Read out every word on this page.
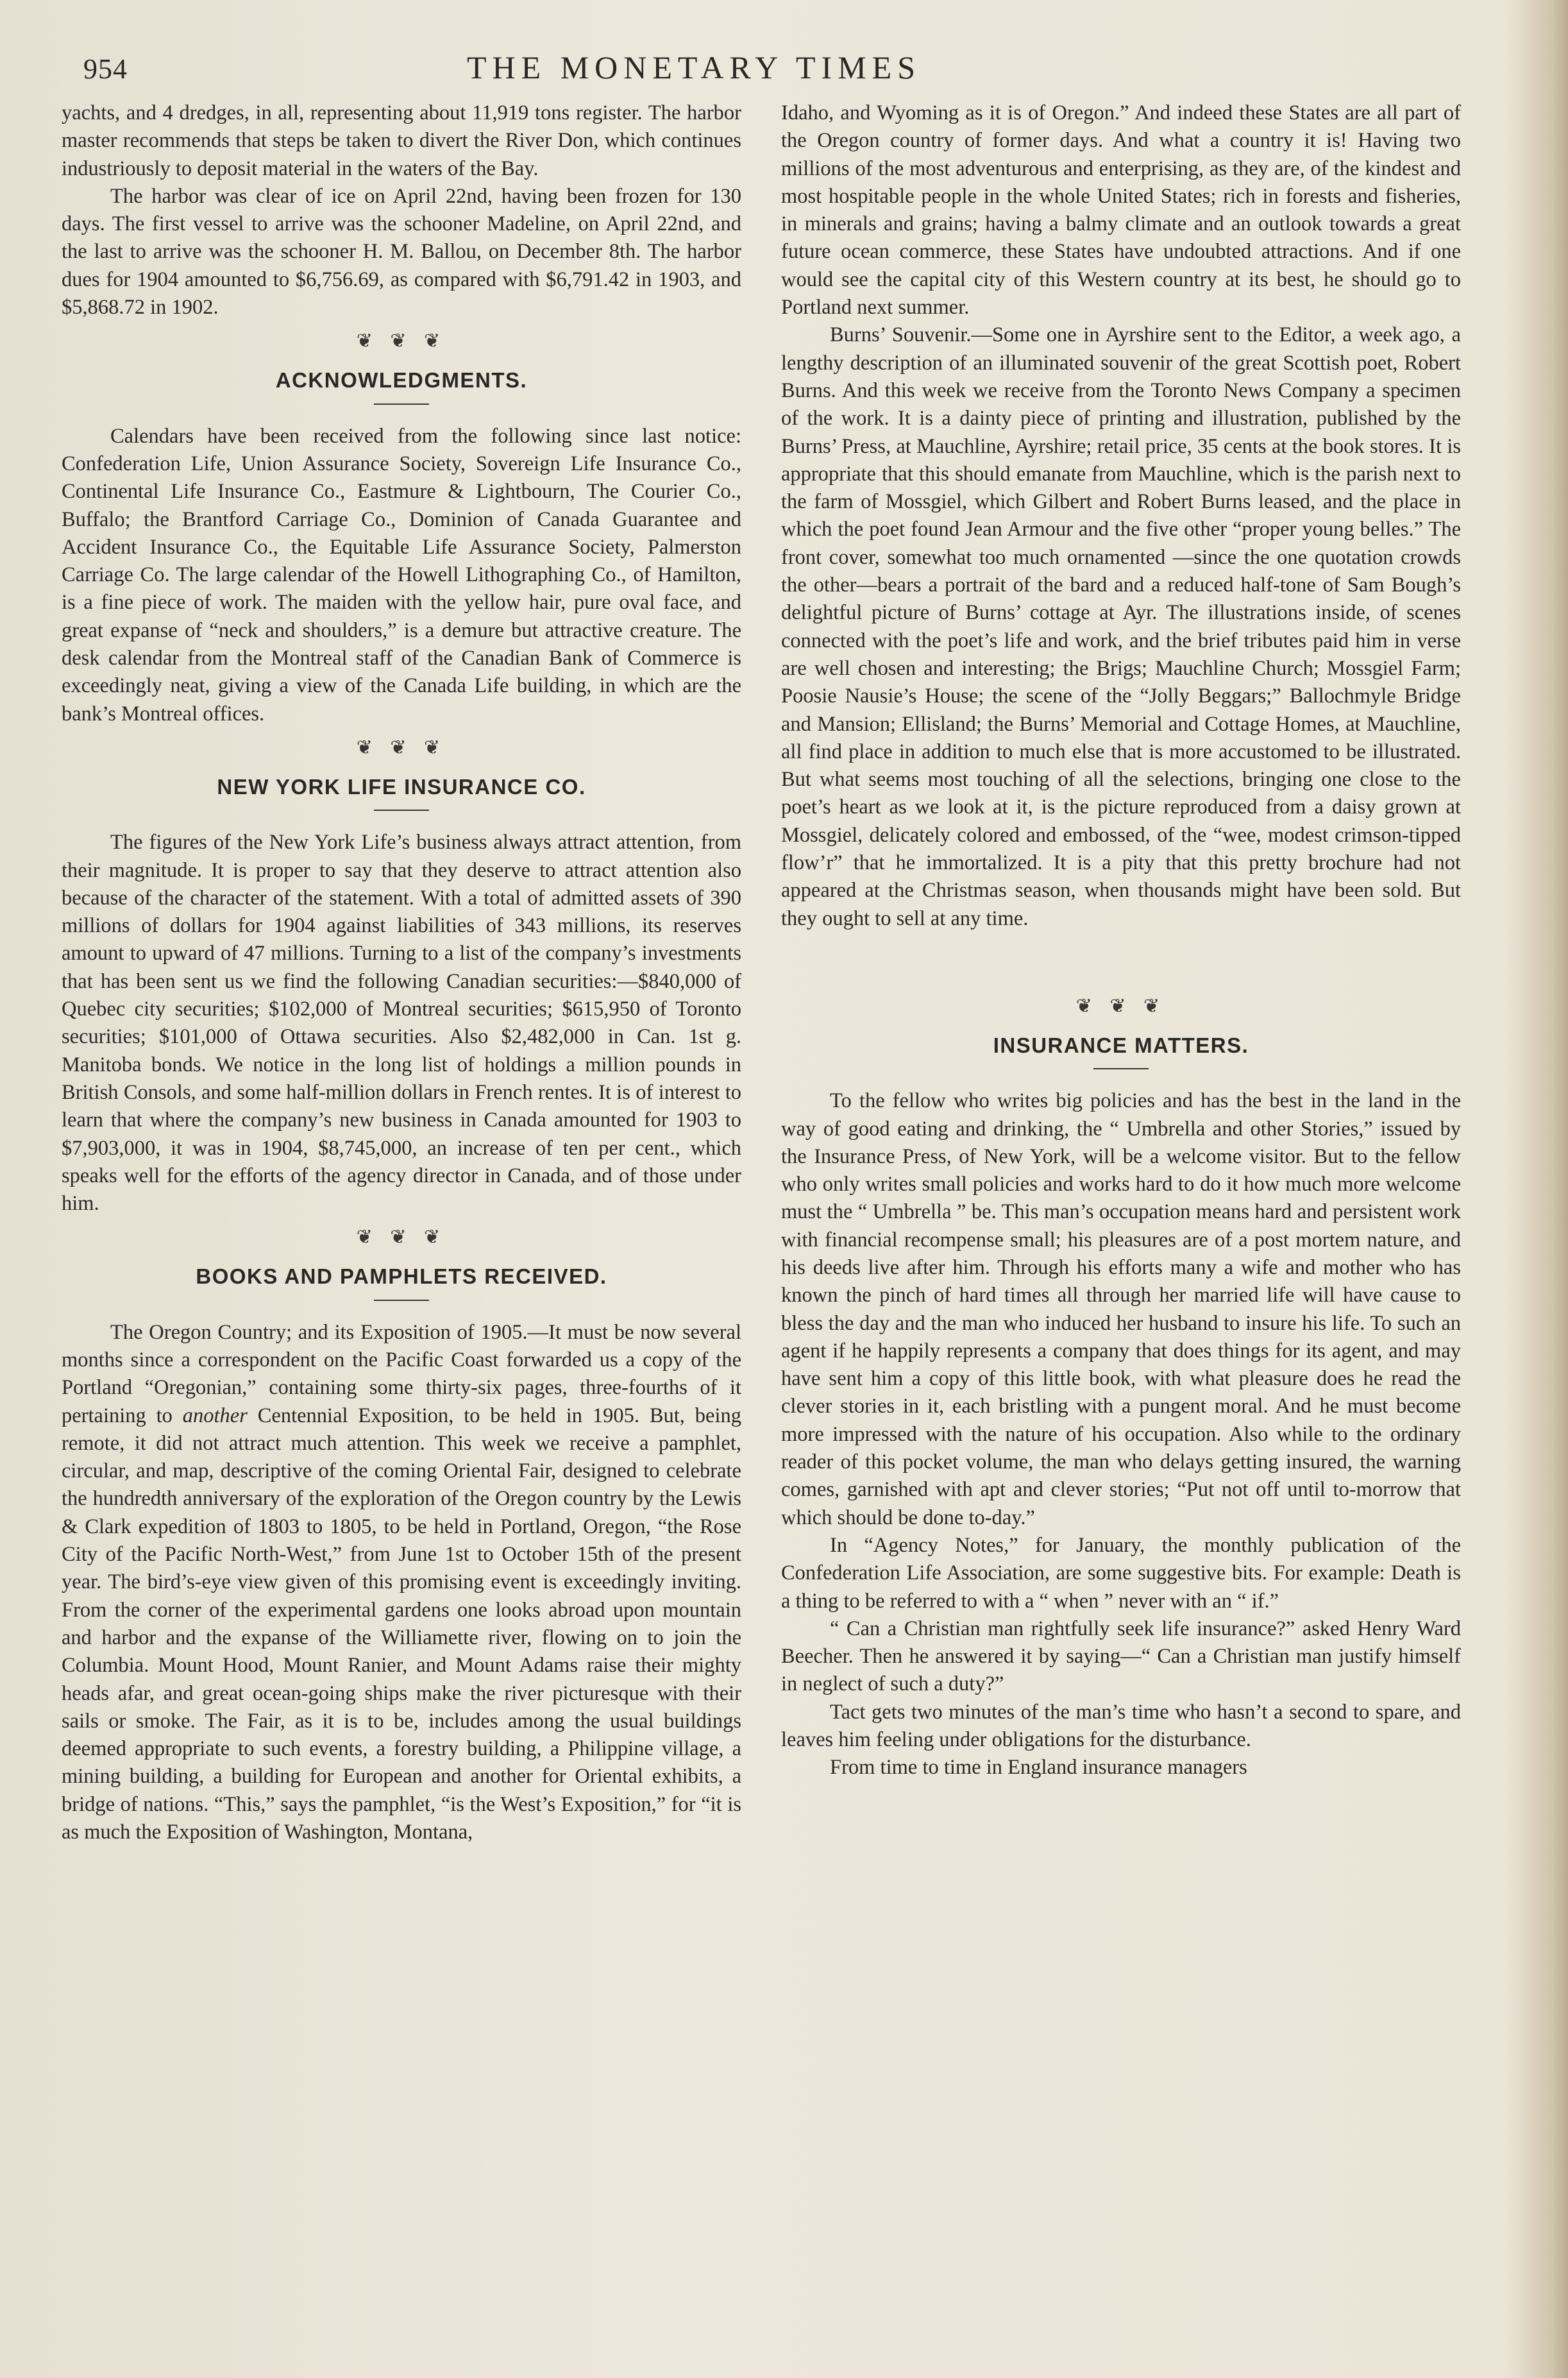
954	THE MONETARY TIMES

yachts, and 4 dredges, in all, representing about 11,919 tons register. The harbor master recommends that steps be taken to divert the River Don, which continues industriously to deposit material in the waters of the Bay.

The harbor was clear of ice on April 22nd, having been frozen for 130 days. The first vessel to arrive was the schooner Madeline, on April 22nd, and the last to arrive was the schooner H. M. Ballou, on December 8th. The harbor dues for 1904 amounted to $6,756.69, as compared with $6,791.42 in 1903, and $5,868.72 in 1902.

❦ ❦ ❦
ACKNOWLEDGMENTS.

Calendars have been received from the following since last notice: Confederation Life, Union Assurance Society, Sovereign Life Insurance Co., Continental Life Insurance Co., Eastmure & Lightbourn, The Courier Co., Buffalo; the Brantford Carriage Co., Dominion of Canada Guarantee and Accident Insurance Co., the Equitable Life Assurance Society, Palmerston Carriage Co. The large calendar of the Howell Lithographing Co., of Hamilton, is a fine piece of work. The maiden with the yellow hair, pure oval face, and great expanse of “neck and shoulders,” is a demure but attractive creature. The desk calendar from the Montreal staff of the Canadian Bank of Commerce is exceedingly neat, giving a view of the Canada Life building, in which are the bank’s Montreal offices.

❦ ❦ ❦
NEW YORK LIFE INSURANCE CO.

The figures of the New York Life’s business always attract attention, from their magnitude. It is proper to say that they deserve to attract attention also because of the character of the statement. With a total of admitted assets of 390 millions of dollars for 1904 against liabilities of 343 millions, its reserves amount to upward of 47 millions. Turning to a list of the company’s investments that has been sent us we find the following Canadian securities:—$840,000 of Quebec city securities; $102,000 of Montreal securities; $615,950 of Toronto securities; $101,000 of Ottawa securities. Also $2,482,000 in Can. 1st g. Manitoba bonds. We notice in the long list of holdings a million pounds in British Consols, and some half-million dollars in French rentes. It is of interest to learn that where the company’s new business in Canada amounted for 1903 to $7,903,000, it was in 1904, $8,745,000, an increase of ten per cent., which speaks well for the efforts of the agency director in Canada, and of those under him.

❦ ❦ ❦
BOOKS AND PAMPHLETS RECEIVED.

The Oregon Country; and its Exposition of 1905.—It must be now several months since a correspondent on the Pacific Coast forwarded us a copy of the Portland “Oregonian,” containing some thirty-six pages, three-fourths of it pertaining to another Centennial Exposition, to be held in 1905. But, being remote, it did not attract much attention. This week we receive a pamphlet, circular, and map, descriptive of the coming Oriental Fair, designed to celebrate the hundredth anniversary of the exploration of the Oregon country by the Lewis & Clark expedition of 1803 to 1805, to be held in Portland, Oregon, “the Rose City of the Pacific North-West,” from June 1st to October 15th of the present year. The bird’s-eye view given of this promising event is exceedingly inviting. From the corner of the experimental gardens one looks abroad upon mountain and harbor and the expanse of the Williamette river, flowing on to join the Columbia. Mount Hood, Mount Ranier, and Mount Adams raise their mighty heads afar, and great ocean-going ships make the river picturesque with their sails or smoke. The Fair, as it is to be, includes among the usual buildings deemed appropriate to such events, a forestry building, a Philippine village, a mining building, a building for European and another for Oriental exhibits, a bridge of nations. “This,” says the pamphlet, “is the West’s Exposition,” for “it is as much the Exposition of Washington, Montana,

Idaho, and Wyoming as it is of Oregon.” And indeed these States are all part of the Oregon country of former days. And what a country it is! Having two millions of the most adventurous and enterprising, as they are, of the kindest and most hospitable people in the whole United States; rich in forests and fisheries, in minerals and grains; having a balmy climate and an outlook towards a great future ocean commerce, these States have undoubted attractions. And if one would see the capital city of this Western country at its best, he should go to Portland next summer.

Burns’ Souvenir.—Some one in Ayrshire sent to the Editor, a week ago, a lengthy description of an illuminated souvenir of the great Scottish poet, Robert Burns. And this week we receive from the Toronto News Company a specimen of the work. It is a dainty piece of printing and illustration, published by the Burns’ Press, at Mauchline, Ayrshire; retail price, 35 cents at the book stores. It is appropriate that this should emanate from Mauchline, which is the parish next to the farm of Mossgiel, which Gilbert and Robert Burns leased, and the place in which the poet found Jean Armour and the five other “proper young belles.” The front cover, somewhat too much ornamented —since the one quotation crowds the other—bears a portrait of the bard and a reduced half-tone of Sam Bough’s delightful picture of Burns’ cottage at Ayr. The illustrations inside, of scenes connected with the poet’s life and work, and the brief tributes paid him in verse are well chosen and interesting; the Brigs; Mauchline Church; Mossgiel Farm; Poosie Nausie’s House; the scene of the “Jolly Beggars;” Ballochmyle Bridge and Mansion; Ellisland; the Burns’ Memorial and Cottage Homes, at Mauchline, all find place in addition to much else that is more accustomed to be illustrated. But what seems most touching of all the selections, bringing one close to the poet’s heart as we look at it, is the picture reproduced from a daisy grown at Mossgiel, delicately colored and embossed, of the “wee, modest crimson-tipped flow’r” that he immortalized. It is a pity that this pretty brochure had not appeared at the Christmas season, when thousands might have been sold. But they ought to sell at any time.

❦ ❦ ❦
INSURANCE MATTERS.

To the fellow who writes big policies and has the best in the land in the way of good eating and drinking, the “ Umbrella and other Stories,” issued by the Insurance Press, of New York, will be a welcome visitor. But to the fellow who only writes small policies and works hard to do it how much more welcome must the “ Umbrella ” be. This man’s occupation means hard and persistent work with financial recompense small; his pleasures are of a post mortem nature, and his deeds live after him. Through his efforts many a wife and mother who has known the pinch of hard times all through her married life will have cause to bless the day and the man who induced her husband to insure his life. To such an agent if he happily represents a company that does things for its agent, and may have sent him a copy of this little book, with what pleasure does he read the clever stories in it, each bristling with a pungent moral. And he must become more impressed with the nature of his occupation. Also while to the ordinary reader of this pocket volume, the man who delays getting insured, the warning comes, garnished with apt and clever stories; “Put not off until to-morrow that which should be done to-day.”

In “Agency Notes,” for January, the monthly publication of the Confederation Life Association, are some suggestive bits. For example: Death is a thing to be referred to with a “ when ” never with an “ if.”

“ Can a Christian man rightfully seek life insurance?” asked Henry Ward Beecher. Then he answered it by saying—“ Can a Christian man justify himself in neglect of such a duty?”

Tact gets two minutes of the man’s time who hasn’t a second to spare, and leaves him feeling under obligations for the disturbance.

From time to time in England insurance managers
